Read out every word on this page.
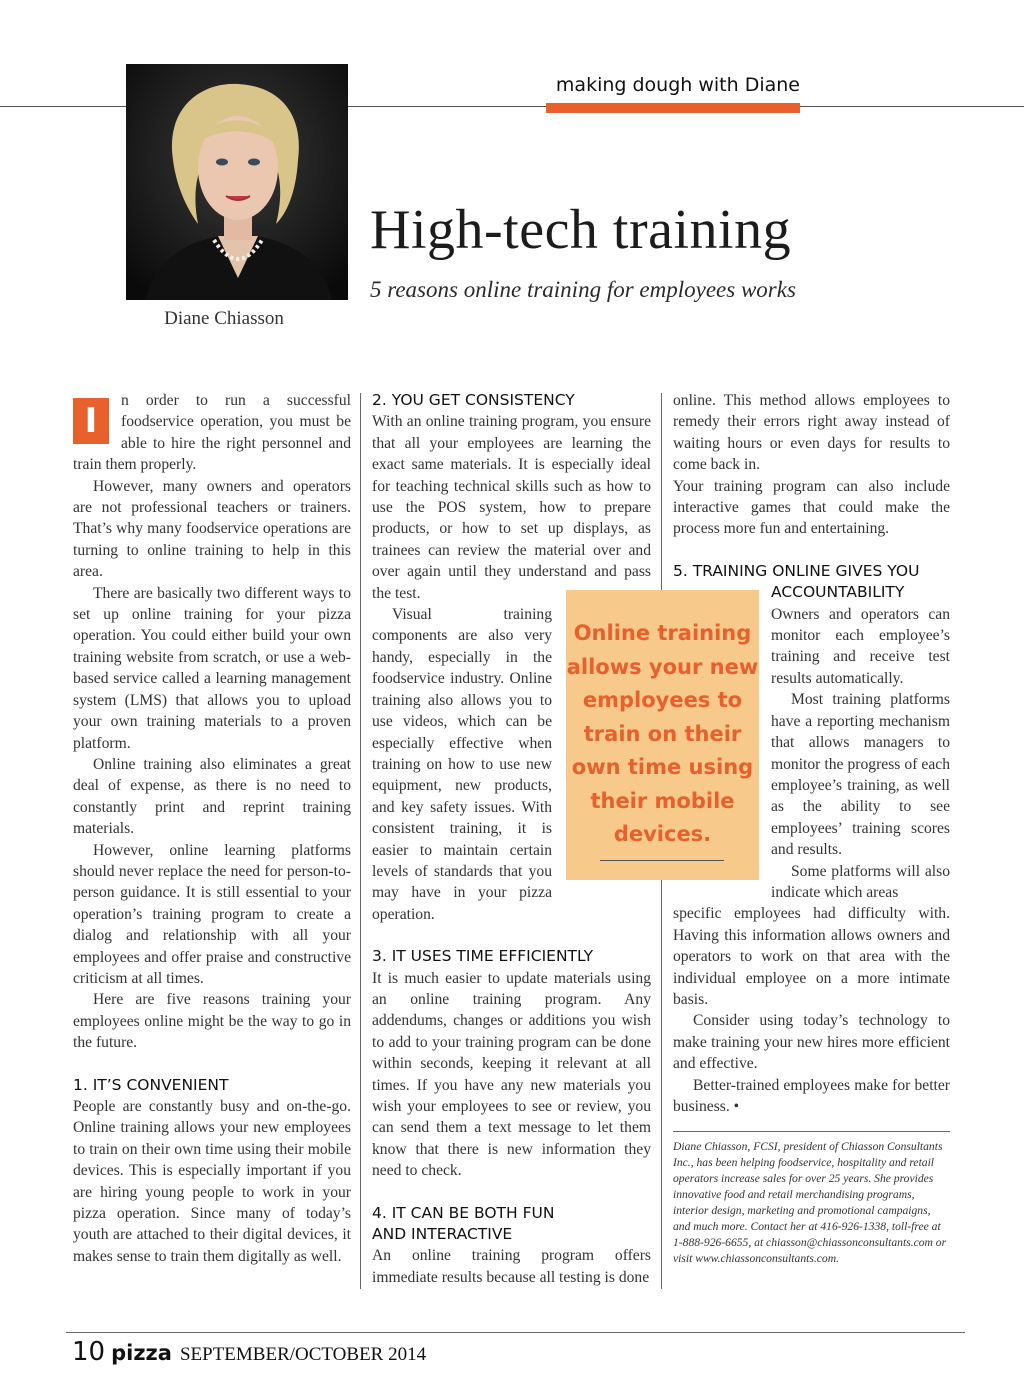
making dough with Diane
Diane Chiasson
High-tech training
5 reasons online training for employees works
I

n order to run a successful foodservice operation, you must be able to hire the right personnel and train them properly.

However, many owners and operators are not professional teachers or trainers. That’s why many foodservice operations are turning to online training to help in this area.

There are basically two different ways to set up online training for your pizza operation. You could either build your own training website from scratch, or use a web-based service called a learning management system (LMS) that allows you to upload your own training materials to a proven platform.

Online training also eliminates a great deal of expense, as there is no need to constantly print and reprint training materials.

However, online learning platforms should never replace the need for person-to-person guidance. It is still essential to your operation’s training program to create a dialog and relationship with all your employees and offer praise and constructive criticism at all times.

Here are five reasons training your employees online might be the way to go in the future.

1. IT’S CONVENIENT

People are constantly busy and on-the-go. Online training allows your new employees to train on their own time using their mobile devices. This is especially important if you are hiring young people to work in your pizza operation. Since many of today’s youth are attached to their digital devices, it makes sense to train them digitally as well.

2. YOU GET CONSISTENCY

With an online training program, you ensure that all your employees are learning the exact same materials. It is especially ideal for teaching technical skills such as how to use the POS system, how to prepare products, or how to set up displays, as trainees can review the material over and over again until they understand and pass the test.

Visual training components are also very handy, especially in the foodservice industry. Online training also allows you to use videos, which can be especially effective when training on how to use new equipment, new products, and key safety issues. With consistent training, it is easier to maintain certain levels of standards that you may have in your pizza operation.

3. IT USES TIME EFFICIENTLY

It is much easier to update materials using an online training program. Any addendums, changes or additions you wish to add to your training program can be done within seconds, keeping it relevant at all times. If you have any new materials you wish your employees to see or review, you can send them a text message to let them know that there is new information they need to check.

4. IT CAN BE BOTH FUN
AND INTERACTIVE

An online training program offers immediate results because all testing is done

online. This method allows employees to remedy their errors right away instead of waiting hours or even days for results to come back in.

Your training program can also include interactive games that could make the process more fun and entertaining.

5. TRAINING ONLINE GIVES YOU
ACCOUNTABILITY

Owners and operators can monitor each employee’s training and receive test results automatically.

Most training platforms have a reporting mechanism that allows managers to monitor the progress of each employee’s training, as well as the ability to see employees’ training scores and results.

Some platforms will also indicate which areas

specific employees had difficulty with. Having this information allows owners and operators to work on that area with the individual employee on a more intimate basis.

Consider using today’s technology to make training your new hires more efficient and effective.

Better-trained employees make for better business. •

Online training allows your new employees to train on their own time using their mobile devices.
Diane Chiasson, FCSI, president of Chiasson Consultants Inc., has been helping foodservice, hospitality and retail operators increase sales for over 25 years. She provides innovative food and retail merchandising programs, interior design, marketing and promotional campaigns, and much more. Contact her at 416-926-1338, toll-free at 1-888-926-6655, at chiasson@chiassonconsultants.com or visit www.chiassonconsultants.com.
10 pizza SEPTEMBER/OCTOBER 2014
